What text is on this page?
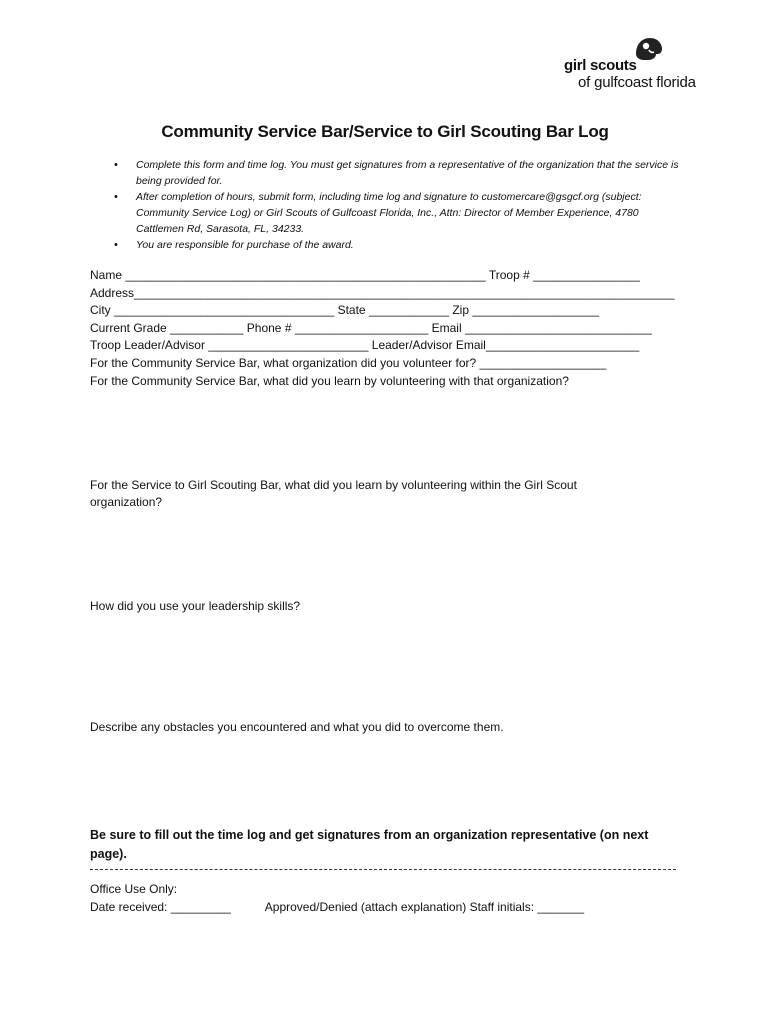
girl scouts
of gulfcoast florida
Community Service Bar/Service to Girl Scouting Bar Log
• Complete this form and time log. You must get signatures from a representative of the organization that the service is being provided for.
• After completion of hours, submit form, including time log and signature to customercare@gsgcf.org (subject: Community Service Log) or Girl Scouts of Gulfcoast Florida, Inc., Attn: Director of Member Experience, 4780 Cattlemen Rd, Sarasota, FL, 34233.
• You are responsible for purchase of the award.
Name ______________________________________________________ Troop # ________________
Address_________________________________________________________________________________
City _________________________________ State ____________ Zip ___________________
Current Grade ___________ Phone # ____________________ Email ____________________________
Troop Leader/Advisor ________________________ Leader/Advisor Email_______________________
For the Community Service Bar, what organization did you volunteer for? ___________________
For the Community Service Bar, what did you learn by volunteering with that organization?
For the Service to Girl Scouting Bar, what did you learn by volunteering within the Girl Scout organization?
How did you use your leadership skills?
Describe any obstacles you encountered and what you did to overcome them.
Be sure to fill out the time log and get signatures from an organization representative (on next page).
Office Use Only:
Date received: _________	Approved/Denied (attach explanation) Staff initials: _______
